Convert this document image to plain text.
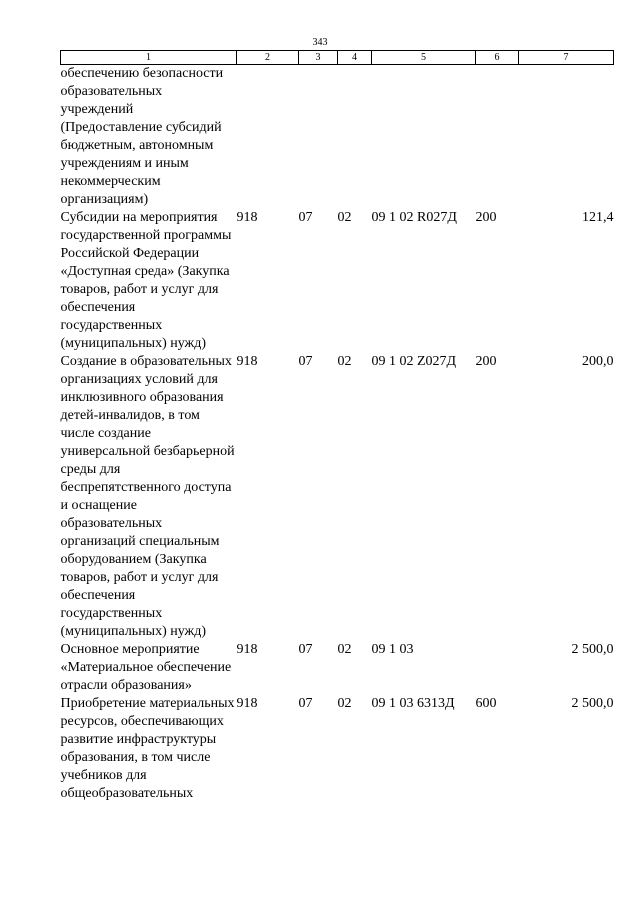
343
1	2	3	4	5	6	7
обеспечению безопасности образовательных учреждений (Предоставление субсидий бюджетным, автономным учреждениям и иным некоммерческим организациям)						
Субсидии на мероприятия государственной программы Российской Федерации «Доступная среда» (Закупка товаров, работ и услуг для обеспечения государственных (муниципальных) нужд)	918	07	02	09 1 02 R027Д	200	121,4
Создание в образовательных организациях условий для инклюзивного образования детей-инвалидов, в том числе создание универсальной безбарьерной среды для беспрепятственного доступа и оснащение образовательных организаций специальным оборудованием (Закупка товаров, работ и услуг для обеспечения государственных (муниципальных) нужд)	918	07	02	09 1 02 Z027Д	200	200,0
Основное мероприятие «Материальное обеспечение отрасли образования»	918	07	02	09 1 03		2 500,0
Приобретение материальных ресурсов, обеспечивающих развитие инфраструктуры образования, в том числе учебников для общеобразовательных	918	07	02	09 1 03 6313Д	600	2 500,0
